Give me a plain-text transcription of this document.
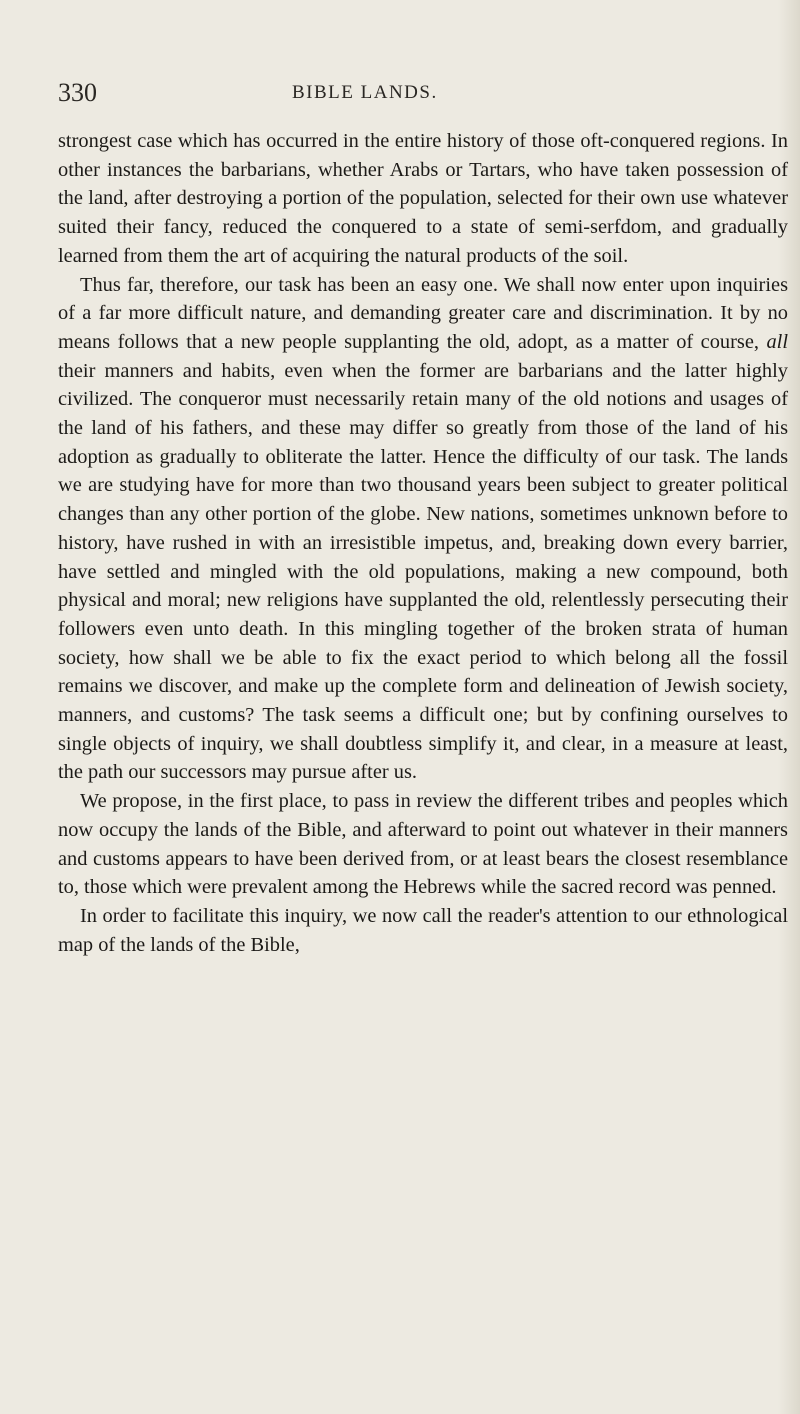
330	BIBLE LANDS.

strongest case which has occurred in the entire history of those oft-conquered regions. In other instances the barbarians, whether Arabs or Tartars, who have taken possession of the land, after destroying a portion of the population, selected for their own use whatever suited their fancy, reduced the conquered to a state of semi-serfdom, and gradually learned from them the art of acquiring the natural products of the soil.

Thus far, therefore, our task has been an easy one. We shall now enter upon inquiries of a far more difficult nature, and demanding greater care and discrimination. It by no means follows that a new people supplanting the old, adopt, as a matter of course, all their manners and habits, even when the former are barbarians and the latter highly civilized. The conqueror must necessarily retain many of the old notions and usages of the land of his fathers, and these may differ so greatly from those of the land of his adoption as gradually to obliterate the latter. Hence the difficulty of our task. The lands we are studying have for more than two thousand years been subject to greater political changes than any other portion of the globe. New nations, sometimes unknown before to history, have rushed in with an irresistible impetus, and, breaking down every barrier, have settled and mingled with the old populations, making a new compound, both physical and moral; new religions have supplanted the old, relentlessly persecuting their followers even unto death. In this mingling together of the broken strata of human society, how shall we be able to fix the exact period to which belong all the fossil remains we discover, and make up the complete form and delineation of Jewish society, manners, and customs? The task seems a difficult one; but by confining ourselves to single objects of inquiry, we shall doubtless simplify it, and clear, in a measure at least, the path our successors may pursue after us.

We propose, in the first place, to pass in review the different tribes and peoples which now occupy the lands of the Bible, and afterward to point out whatever in their manners and customs appears to have been derived from, or at least bears the closest resemblance to, those which were prevalent among the Hebrews while the sacred record was penned.

In order to facilitate this inquiry, we now call the reader's attention to our ethnological map of the lands of the Bible,
